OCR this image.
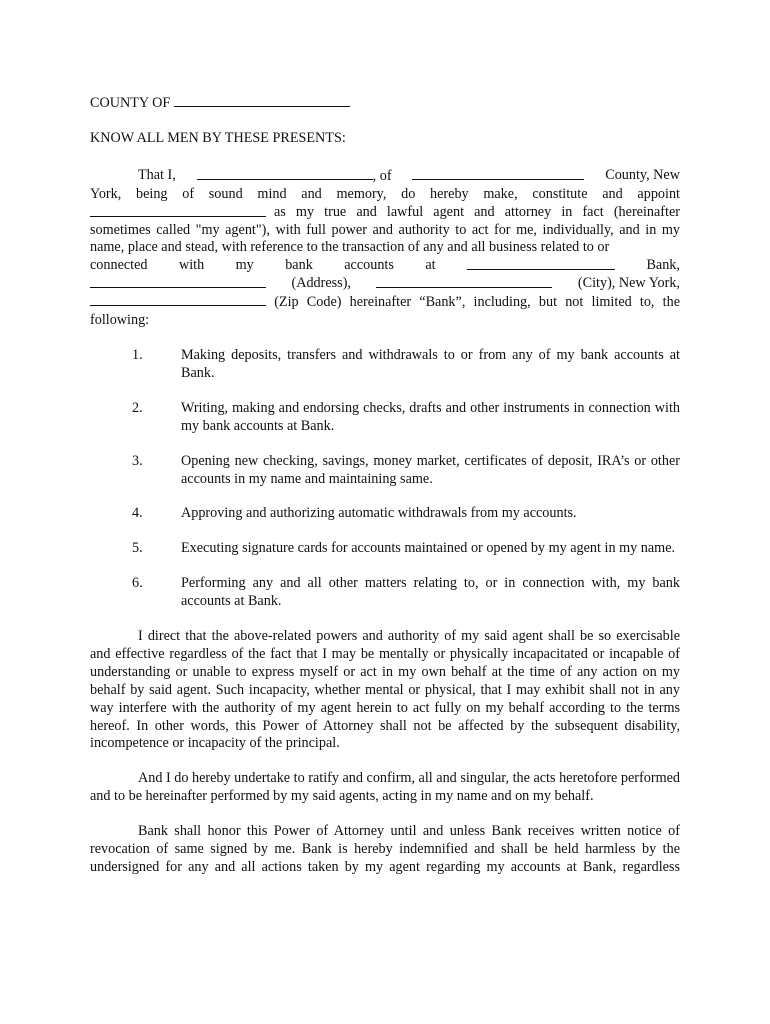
COUNTY OF

KNOW ALL MEN BY THESE PRESENTS:

That I,	, of	County, New

York, being of sound mind and memory, do hereby make, constitute and appoint

as my true and lawful agent and attorney in fact (hereinafter

sometimes called "my agent"), with full power and authority to act for me, individually, and in my name, place and stead, with reference to the transaction of any and all business related to or

connected with my bank accounts at	Bank,

(Address),	(City), New York,

(Zip Code) hereinafter “Bank”, including, but not limited to, the following:

1.	Making deposits, transfers and withdrawals to or from any of my bank accounts at Bank.
2.	Writing, making and endorsing checks, drafts and other instruments in connection with my bank accounts at Bank.
3.	Opening new checking, savings, money market, certificates of deposit, IRA’s or other accounts in my name and maintaining same.
4.	Approving and authorizing automatic withdrawals from my accounts.
5.	Executing signature cards for accounts maintained or opened by my agent in my name.
6.	Performing any and all other matters relating to, or in connection with, my bank accounts at Bank.

I direct that the above-related powers and authority of my said agent shall be so exercisable and effective regardless of the fact that I may be mentally or physically incapacitated or incapable of understanding or unable to express myself or act in my own behalf at the time of any action on my behalf by said agent. Such incapacity, whether mental or physical, that I may exhibit shall not in any way interfere with the authority of my agent herein to act fully on my behalf according to the terms hereof. In other words, this Power of Attorney shall not be affected by the subsequent disability, incompetence or incapacity of the principal.

And I do hereby undertake to ratify and confirm, all and singular, the acts heretofore performed and to be hereinafter performed by my said agents, acting in my name and on my behalf.

Bank shall honor this Power of Attorney until and unless Bank receives written notice of revocation of same signed by me. Bank is hereby indemnified and shall be held harmless by the undersigned for any and all actions taken by my agent regarding my accounts at Bank, regardless
